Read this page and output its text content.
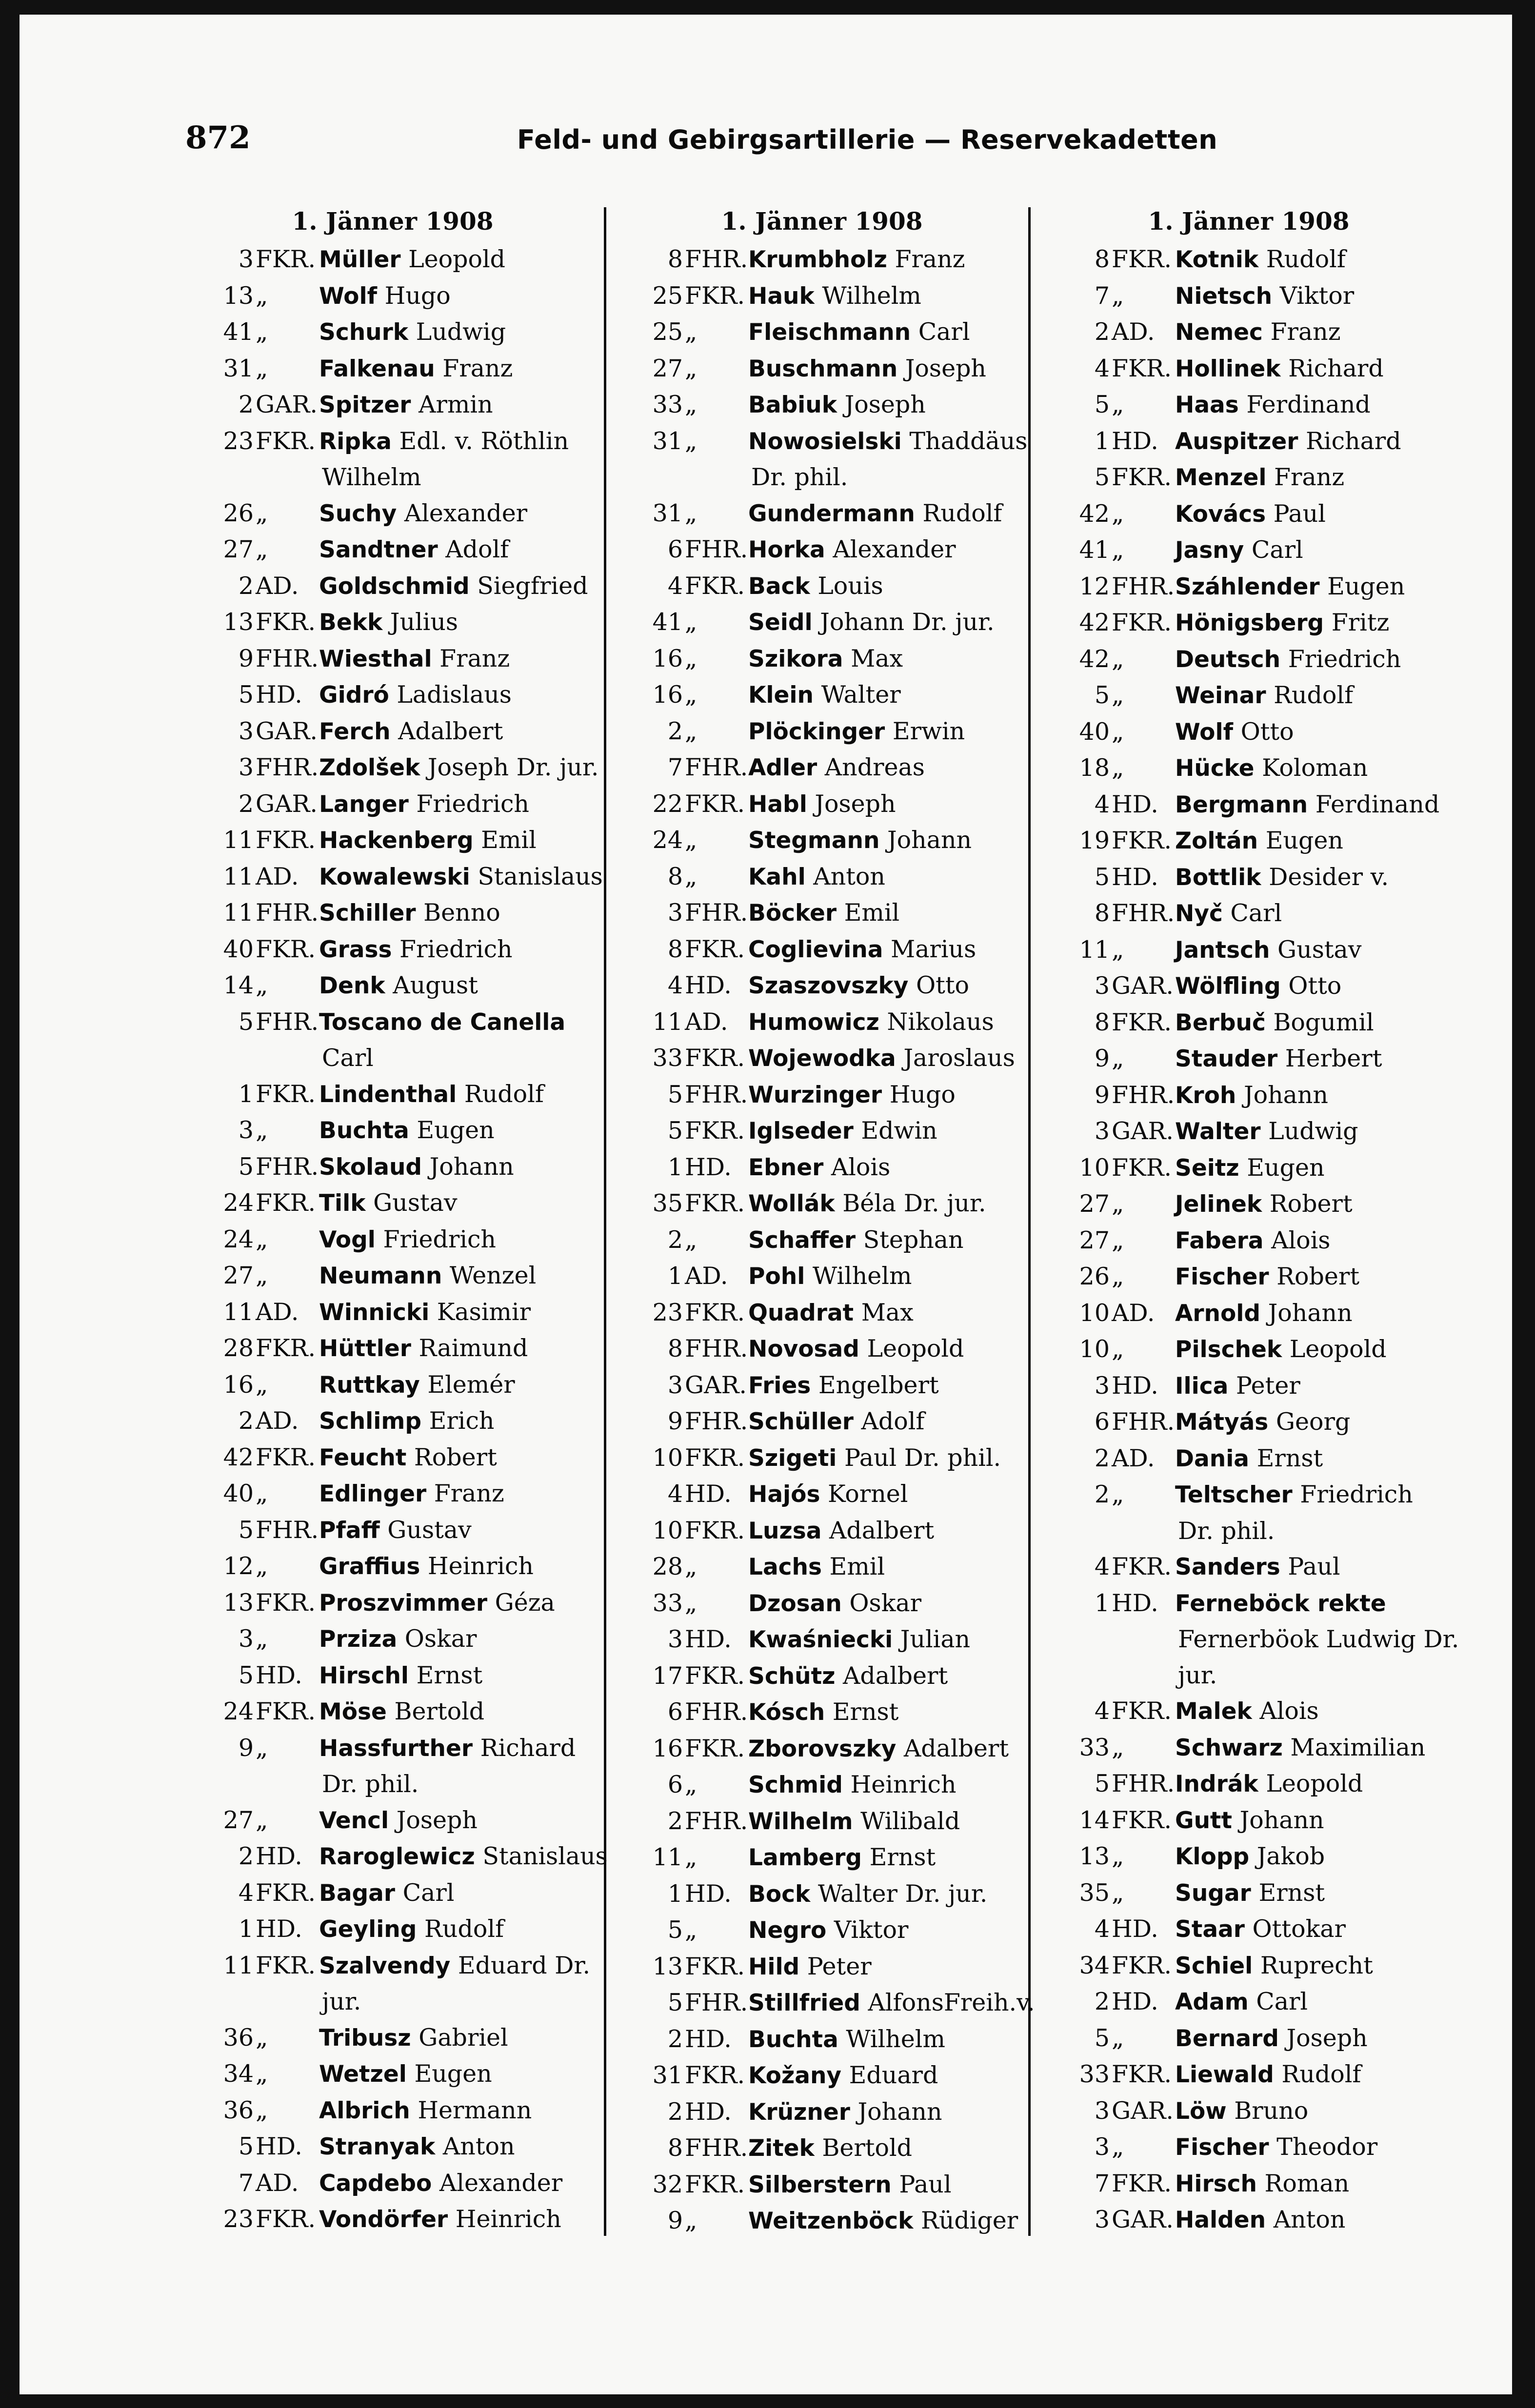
872	Feld- und Gebirgsartillerie — Reservekadetten
1. Jänner 1908
3FKR. Müller Leopold
13„ Wolf Hugo
41„ Schurk Ludwig
31„ Falkenau Franz
2GAR.Spitzer Armin
23FKR. Ripka Edl. v. Röthlin
Wilhelm
26„ Suchy Alexander
27„ Sandtner Adolf
2AD. Goldschmid Siegfried
13FKR. Bekk Julius
9FHR.Wiesthal Franz
5HD. Gidró Ladislaus
3GAR.Ferch Adalbert
3FHR.Zdolšek Joseph Dr. jur.
2GAR.Langer Friedrich
11FKR. Hackenberg Emil
11AD. Kowalewski Stanislaus
11FHR.Schiller Benno
40FKR. Grass Friedrich
14„ Denk August
5FHR.Toscano de Canella
Carl
1FKR. Lindenthal Rudolf
3„ Buchta Eugen
5FHR.Skolaud Johann
24FKR. Tilk Gustav
24„ Vogl Friedrich
27„ Neumann Wenzel
11AD. Winnicki Kasimir
28FKR. Hüttler Raimund
16„ Ruttkay Elemér
2AD. Schlimp Erich
42FKR. Feucht Robert
40„ Edlinger Franz
5FHR.Pfaff Gustav
12„ Graffius Heinrich
13FKR. Proszvimmer Géza
3„ Prziza Oskar
5HD. Hirschl Ernst
24FKR. Möse Bertold
9„ Hassfurther Richard
Dr. phil.
27„ Vencl Joseph
2HD. Raroglewicz Stanislaus
4FKR. Bagar Carl
1HD. Geyling Rudolf
11FKR. Szalvendy Eduard Dr.
jur.
36„ Tribusz Gabriel
34„ Wetzel Eugen
36„ Albrich Hermann
5HD. Stranyak Anton
7AD. Capdebo Alexander
23FKR. Vondörfer Heinrich
1. Jänner 1908
8FHR.Krumbholz Franz
25FKR. Hauk Wilhelm
25„ Fleischmann Carl
27„ Buschmann Joseph
33„ Babiuk Joseph
31„ Nowosielski Thaddäus
Dr. phil.
31„ Gundermann Rudolf
6FHR.Horka Alexander
4FKR. Back Louis
41„ Seidl Johann Dr. jur.
16„ Szikora Max
16„ Klein Walter
2„ Plöckinger Erwin
7FHR.Adler Andreas
22FKR. Habl Joseph
24„ Stegmann Johann
8„ Kahl Anton
3FHR.Böcker Emil
8FKR. Coglievina Marius
4HD. Szaszovszky Otto
11AD. Humowicz Nikolaus
33FKR. Wojewodka Jaroslaus
5FHR.Wurzinger Hugo
5FKR. Iglseder Edwin
1HD. Ebner Alois
35FKR. Wollák Béla Dr. jur.
2„ Schaffer Stephan
1AD. Pohl Wilhelm
23FKR. Quadrat Max
8FHR.Novosad Leopold
3GAR.Fries Engelbert
9FHR.Schüller Adolf
10FKR. Szigeti Paul Dr. phil.
4HD. Hajós Kornel
10FKR. Luzsa Adalbert
28„ Lachs Emil
33„ Dzosan Oskar
3HD. Kwaśniecki Julian
17FKR. Schütz Adalbert
6FHR.Kósch Ernst
16FKR. Zborovszky Adalbert
6„ Schmid Heinrich
2FHR.Wilhelm Wilibald
11„ Lamberg Ernst
1HD. Bock Walter Dr. jur.
5„ Negro Viktor
13FKR. Hild Peter
5FHR.Stillfried AlfonsFreih.v.
2HD. Buchta Wilhelm
31FKR. Kožany Eduard
2HD. Krüzner Johann
8FHR.Zitek Bertold
32FKR. Silberstern Paul
9„ Weitzenböck Rüdiger
1. Jänner 1908
8FKR. Kotnik Rudolf
7„ Nietsch Viktor
2AD. Nemec Franz
4FKR. Hollinek Richard
5„ Haas Ferdinand
1HD. Auspitzer Richard
5FKR. Menzel Franz
42„ Kovács Paul
41„ Jasny Carl
12FHR.Száhlender Eugen
42FKR. Hönigsberg Fritz
42„ Deutsch Friedrich
5„ Weinar Rudolf
40„ Wolf Otto
18„ Hücke Koloman
4HD. Bergmann Ferdinand
19FKR. Zoltán Eugen
5HD. Bottlik Desider v.
8FHR.Nyč Carl
11„ Jantsch Gustav
3GAR.Wölfling Otto
8FKR. Berbuč Bogumil
9„ Stauder Herbert
9FHR.Kroh Johann
3GAR.Walter Ludwig
10FKR. Seitz Eugen
27„ Jelinek Robert
27„ Fabera Alois
26„ Fischer Robert
10AD. Arnold Johann
10„ Pilschek Leopold
3HD. Ilica Peter
6FHR.Mátyás Georg
2AD. Dania Ernst
2„ Teltscher Friedrich
Dr. phil.
4FKR. Sanders Paul
1HD. Ferneböck rekte
Fernerböok Ludwig Dr.
jur.
4FKR. Malek Alois
33„ Schwarz Maximilian
5FHR.Indrák Leopold
14FKR. Gutt Johann
13„ Klopp Jakob
35„ Sugar Ernst
4HD. Staar Ottokar
34FKR. Schiel Ruprecht
2HD. Adam Carl
5„ Bernard Joseph
33FKR. Liewald Rudolf
3GAR.Löw Bruno
3„ Fischer Theodor
7FKR. Hirsch Roman
3GAR.Halden Anton
